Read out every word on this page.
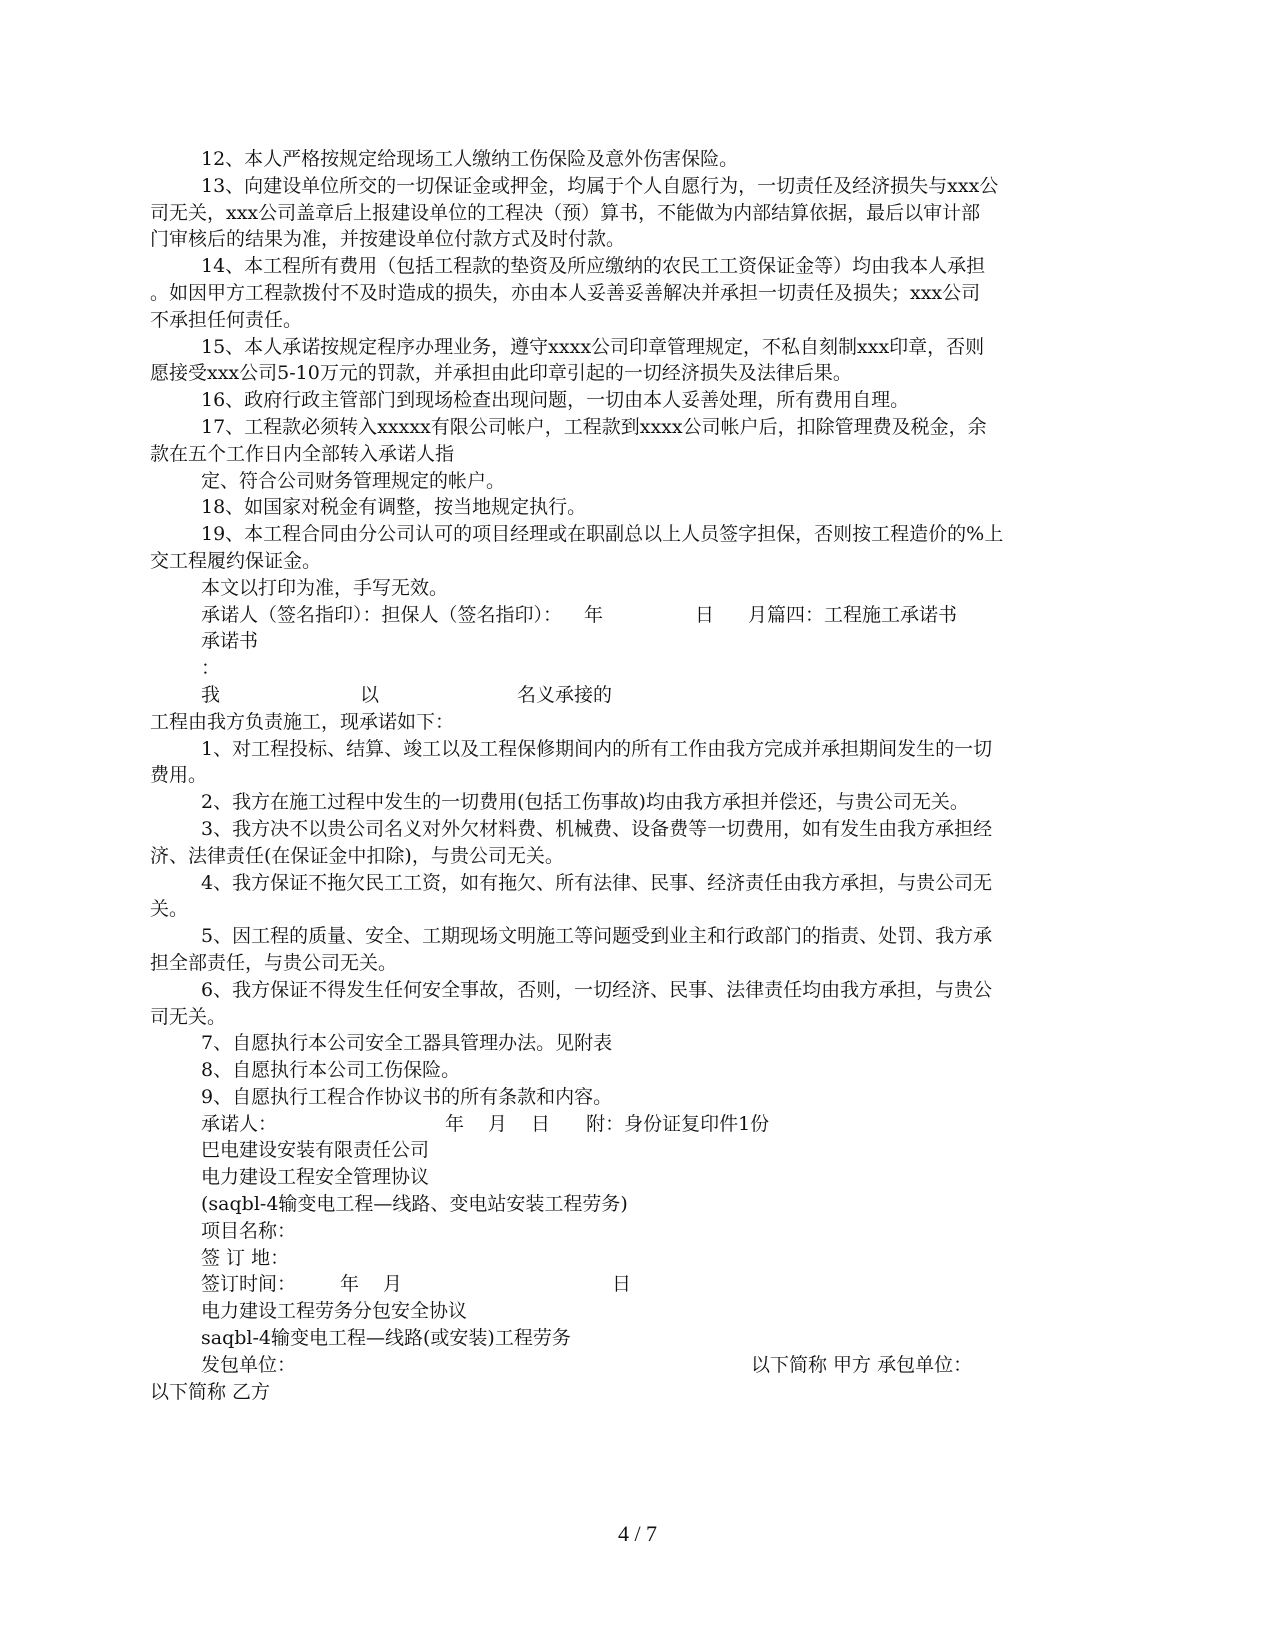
12、本人严格按规定给现场工人缴纳工伤保险及意外伤害保险。
13、向建设单位所交的一切保证金或押金，均属于个人自愿行为，一切责任及经济损失与xxx公
司无关，xxx公司盖章后上报建设单位的工程决（预）算书，不能做为内部结算依据，最后以审计部
门审核后的结果为准，并按建设单位付款方式及时付款。
14、本工程所有费用（包括工程款的垫资及所应缴纳的农民工工资保证金等）均由我本人承担
。如因甲方工程款拨付不及时造成的损失，亦由本人妥善妥善解决并承担一切责任及损失；xxx公司
不承担任何责任。
15、本人承诺按规定程序办理业务，遵守xxxx公司印章管理规定，不私自刻制xxx印章，否则
愿接受xxx公司5-10万元的罚款，并承担由此印章引起的一切经济损失及法律后果。
16、政府行政主管部门到现场检查出现问题，一切由本人妥善处理，所有费用自理。
17、工程款必须转入xxxxx有限公司帐户，工程款到xxxx公司帐户后，扣除管理费及税金，余
款在五个工作日内全部转入承诺人指
定、符合公司财务管理规定的帐户。
18、如国家对税金有调整，按当地规定执行。
19、本工程合同由分公司认可的项目经理或在职副总以上人员签字担保，否则按工程造价的%上
交工程履约保证金。
本文以打印为准，手写无效。
承诺人（签名指印）：担保人（签名指印）： 年	日 月篇四：工程施工承诺书
承诺书
：
我	以	名义承接的
工程由我方负责施工，现承诺如下：
1、对工程投标、结算、竣工以及工程保修期间内的所有工作由我方完成并承担期间发生的一切
费用。
2、我方在施工过程中发生的一切费用(包括工伤事故)均由我方承担并偿还，与贵公司无关。
3、我方决不以贵公司名义对外欠材料费、机械费、设备费等一切费用，如有发生由我方承担经
济、法律责任(在保证金中扣除)，与贵公司无关。
4、我方保证不拖欠民工工资，如有拖欠、所有法律、民事、经济责任由我方承担，与贵公司无
关。
5、因工程的质量、安全、工期现场文明施工等问题受到业主和行政部门的指责、处罚、我方承
担全部责任，与贵公司无关。
6、我方保证不得发生任何安全事故，否则，一切经济、民事、法律责任均由我方承担，与贵公
司无关。
7、自愿执行本公司安全工器具管理办法。见附表
8、自愿执行本公司工伤保险。
9、自愿执行工程合作协议书的所有条款和内容。
承诺人：	年 月 日 附：身份证复印件1份
巴电建设安装有限责任公司
电力建设工程安全管理协议
(saqbl-4输变电工程—线路、变电站安装工程劳务)
项目名称：
签 订 地：
签订时间： 年 月	日
电力建设工程劳务分包安全协议
saqbl-4输变电工程—线路(或安装)工程劳务
发包单位：	以下简称 甲方 承包单位：
以下简称 乙方
4 / 7
